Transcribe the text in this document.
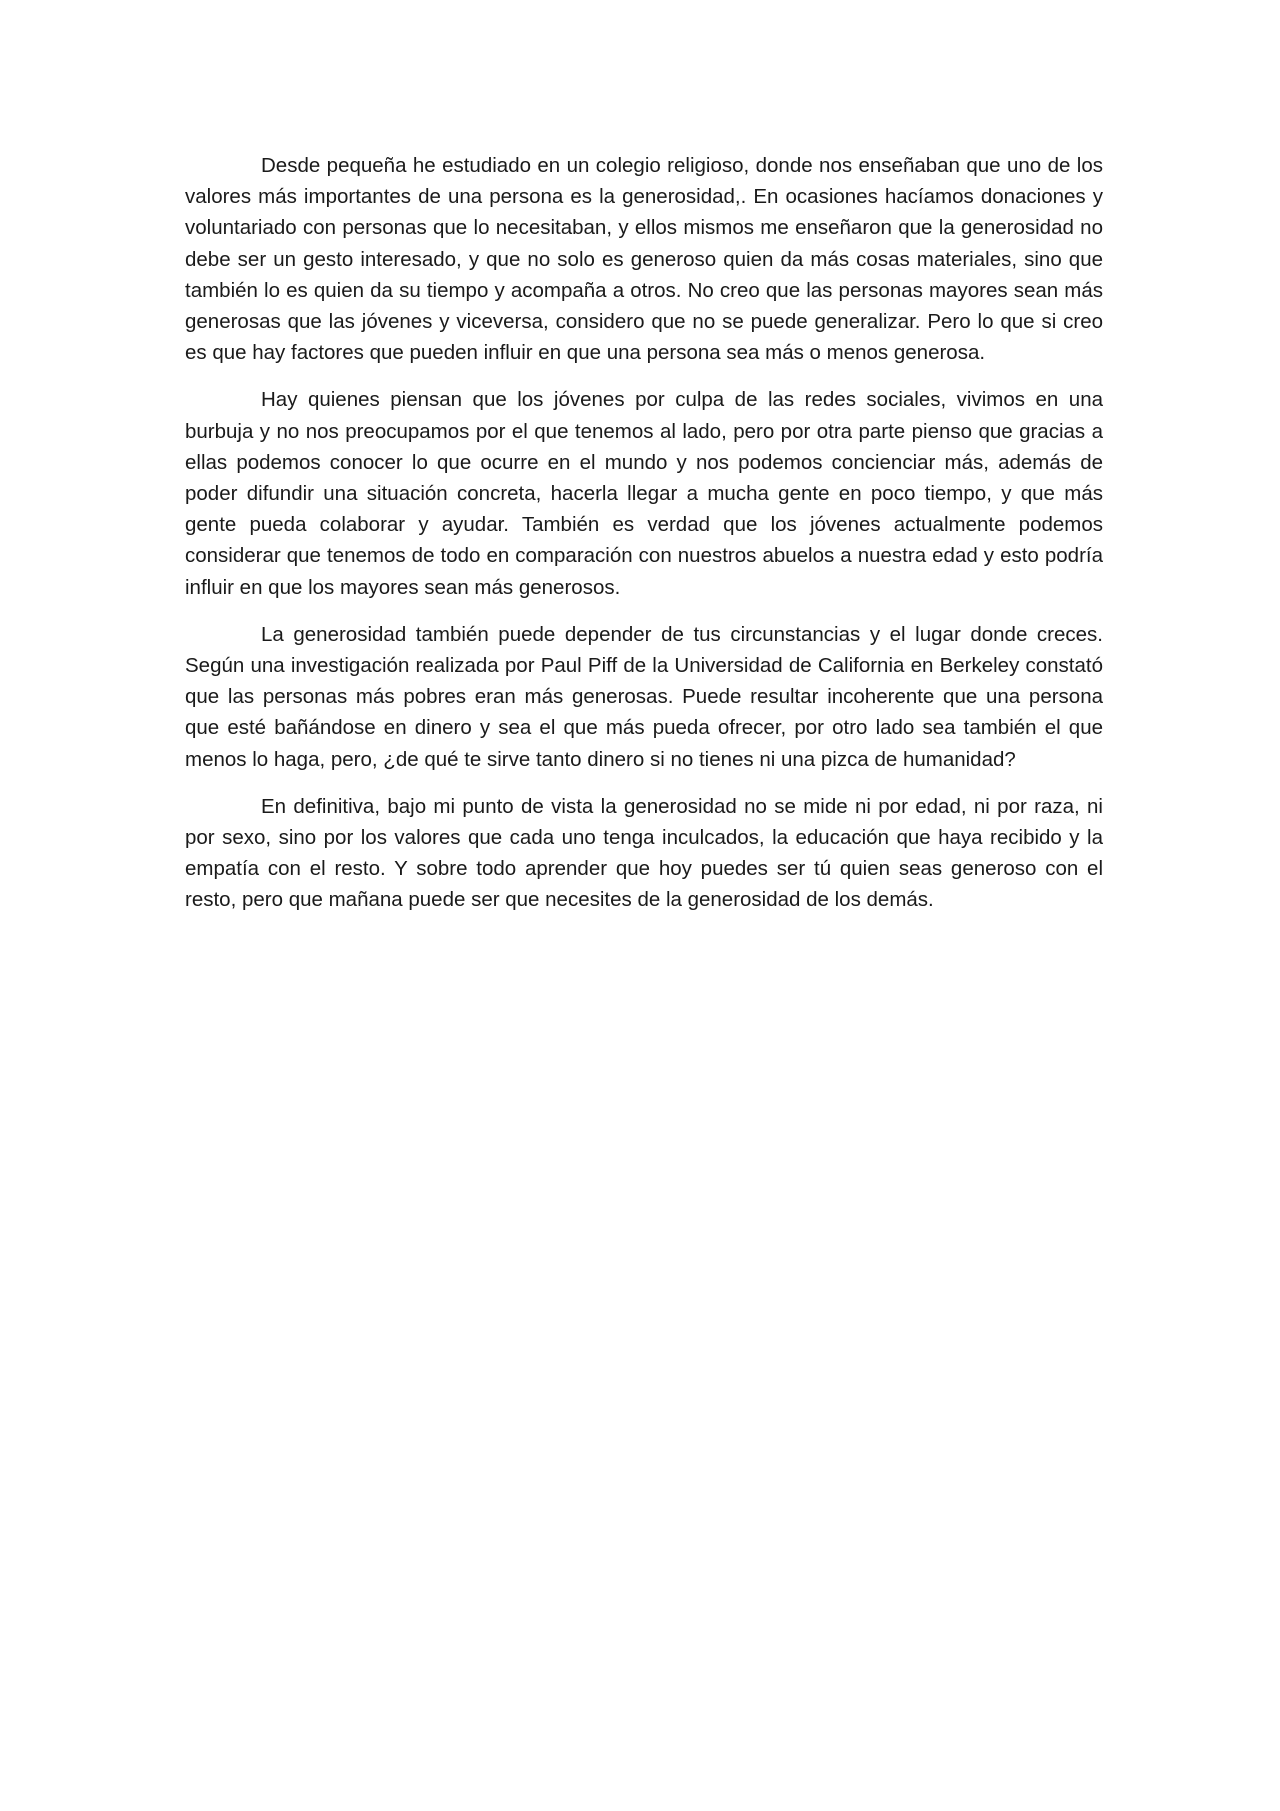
Desde pequeña he estudiado en un colegio religioso, donde nos enseñaban que uno de los valores más importantes de una persona es la generosidad,. En ocasiones hacíamos donaciones y voluntariado con personas que lo necesitaban, y ellos mismos me enseñaron que la generosidad no debe ser un gesto interesado, y que no solo es generoso quien da más cosas materiales, sino que también lo es quien da su tiempo y acompaña a otros. No creo que las personas mayores sean más generosas que las jóvenes y viceversa, considero que no se puede generalizar. Pero lo que si creo es que hay factores que pueden influir en que una persona sea más o menos generosa.

Hay quienes piensan que los jóvenes por culpa de las redes sociales, vivimos en una burbuja y no nos preocupamos por el que tenemos al lado, pero por otra parte pienso que gracias a ellas podemos conocer lo que ocurre en el mundo y nos podemos concienciar más, además de poder difundir una situación concreta, hacerla llegar a mucha gente en poco tiempo, y que más gente pueda colaborar y ayudar. También es verdad que los jóvenes actualmente podemos considerar que tenemos de todo en comparación con nuestros abuelos a nuestra edad y esto podría influir en que los mayores sean más generosos.

La generosidad también puede depender de tus circunstancias y el lugar donde creces. Según una investigación realizada por Paul Piff de la Universidad de California en Berkeley constató que las personas más pobres eran más generosas. Puede resultar incoherente que una persona que esté bañándose en dinero y sea el que más pueda ofrecer, por otro lado sea también el que menos lo haga, pero, ¿de qué te sirve tanto dinero si no tienes ni una pizca de humanidad?

En definitiva, bajo mi punto de vista la generosidad no se mide ni por edad, ni por raza, ni por sexo, sino por los valores que cada uno tenga inculcados, la educación que haya recibido y la empatía con el resto. Y sobre todo aprender que hoy puedes ser tú quien seas generoso con el resto, pero que mañana puede ser que necesites de la generosidad de los demás.
